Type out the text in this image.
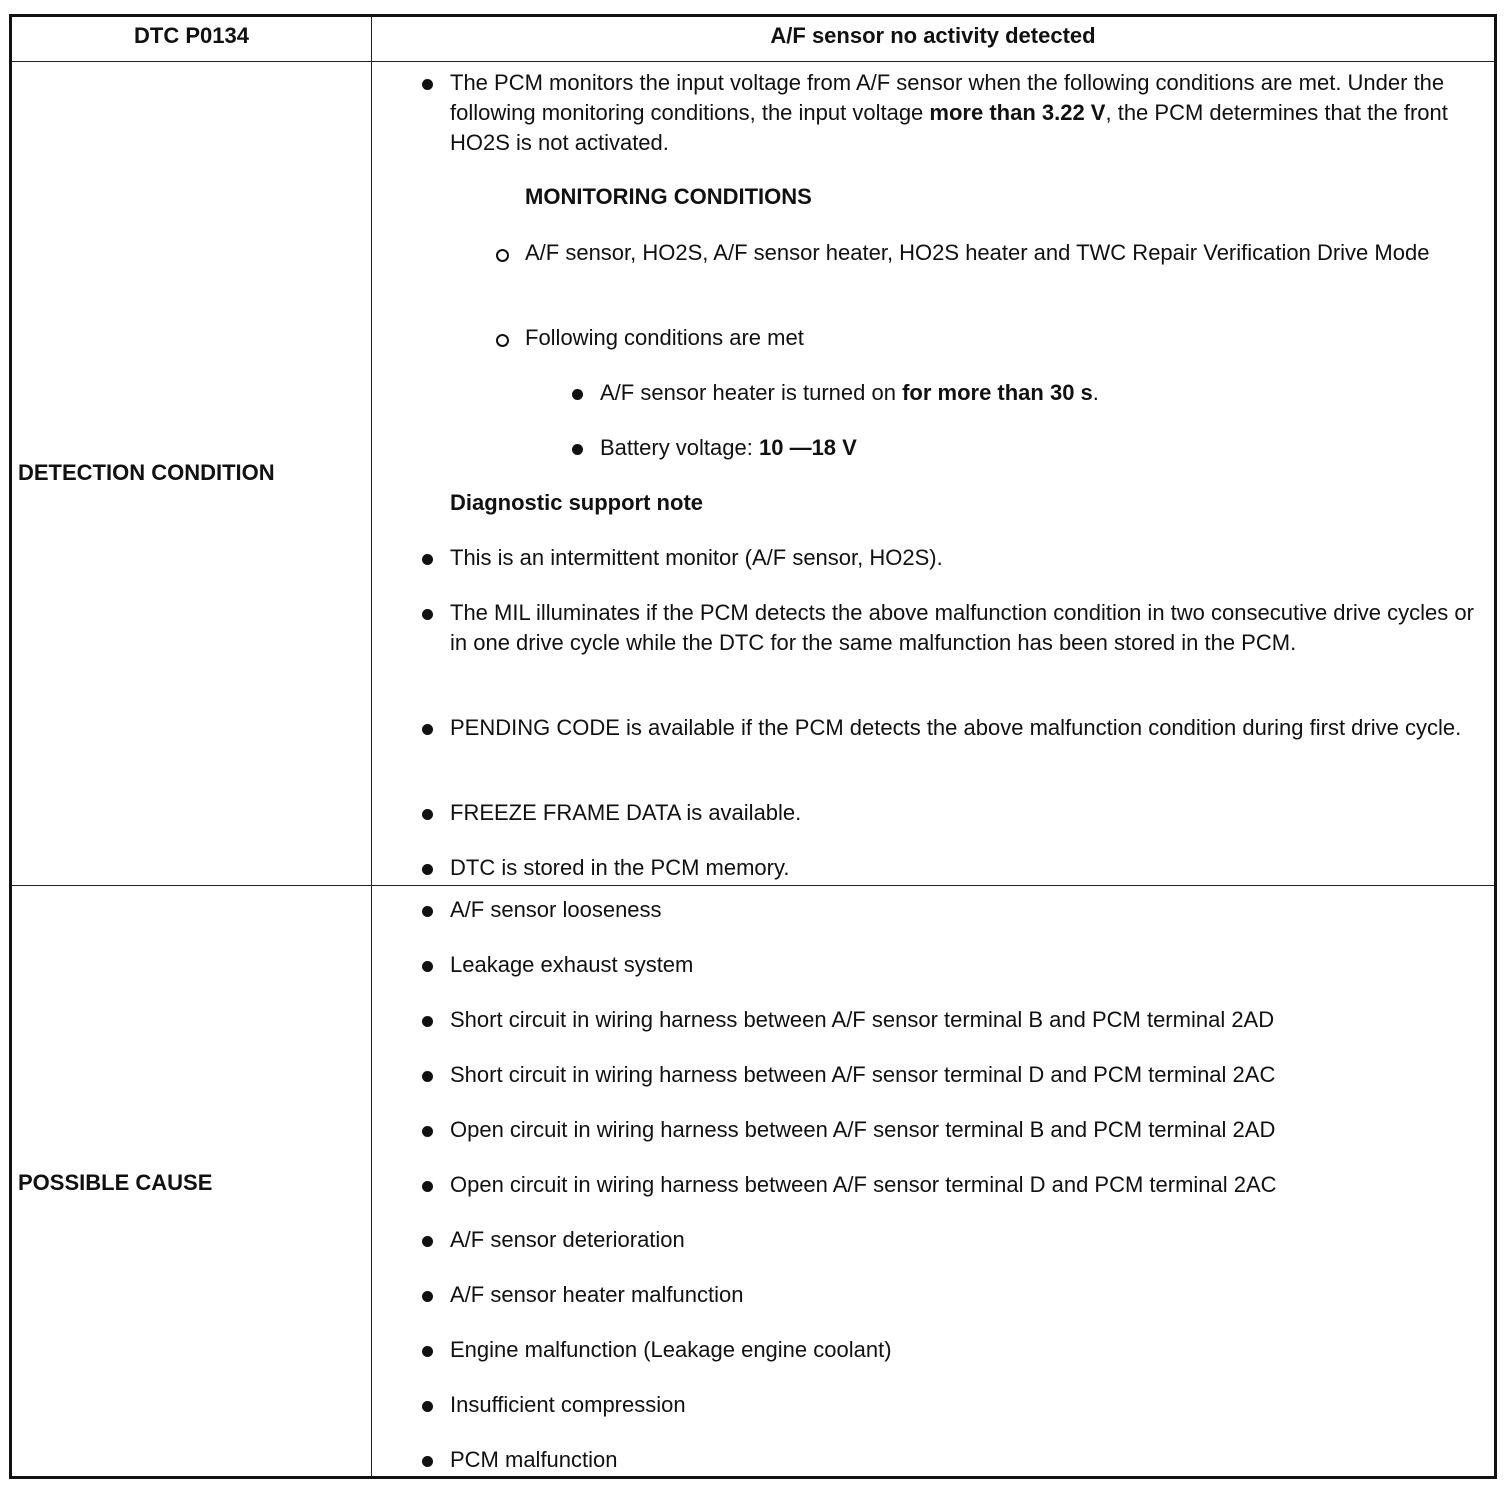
DTC P0134	A/F sensor no activity detected
DETECTION CONDITION
The PCM monitors the input voltage from A/F sensor when the following conditions are met. Under the following monitoring conditions, the input voltage more than 3.22 V, the PCM determines that the front HO2S is not activated.
MONITORING CONDITIONS
A/F sensor, HO2S, A/F sensor heater, HO2S heater and TWC Repair Verification Drive Mode
Following conditions are met
A/F sensor heater is turned on for more than 30 s.
Battery voltage: 10 —18 V
Diagnostic support note
This is an intermittent monitor (A/F sensor, HO2S).
The MIL illuminates if the PCM detects the above malfunction condition in two consecutive drive cycles or in one drive cycle while the DTC for the same malfunction has been stored in the PCM.
PENDING CODE is available if the PCM detects the above malfunction condition during first drive cycle.
FREEZE FRAME DATA is available.
DTC is stored in the PCM memory.
POSSIBLE CAUSE
A/F sensor looseness
Leakage exhaust system
Short circuit in wiring harness between A/F sensor terminal B and PCM terminal 2AD
Short circuit in wiring harness between A/F sensor terminal D and PCM terminal 2AC
Open circuit in wiring harness between A/F sensor terminal B and PCM terminal 2AD
Open circuit in wiring harness between A/F sensor terminal D and PCM terminal 2AC
A/F sensor deterioration
A/F sensor heater malfunction
Engine malfunction (Leakage engine coolant)
Insufficient compression
PCM malfunction
